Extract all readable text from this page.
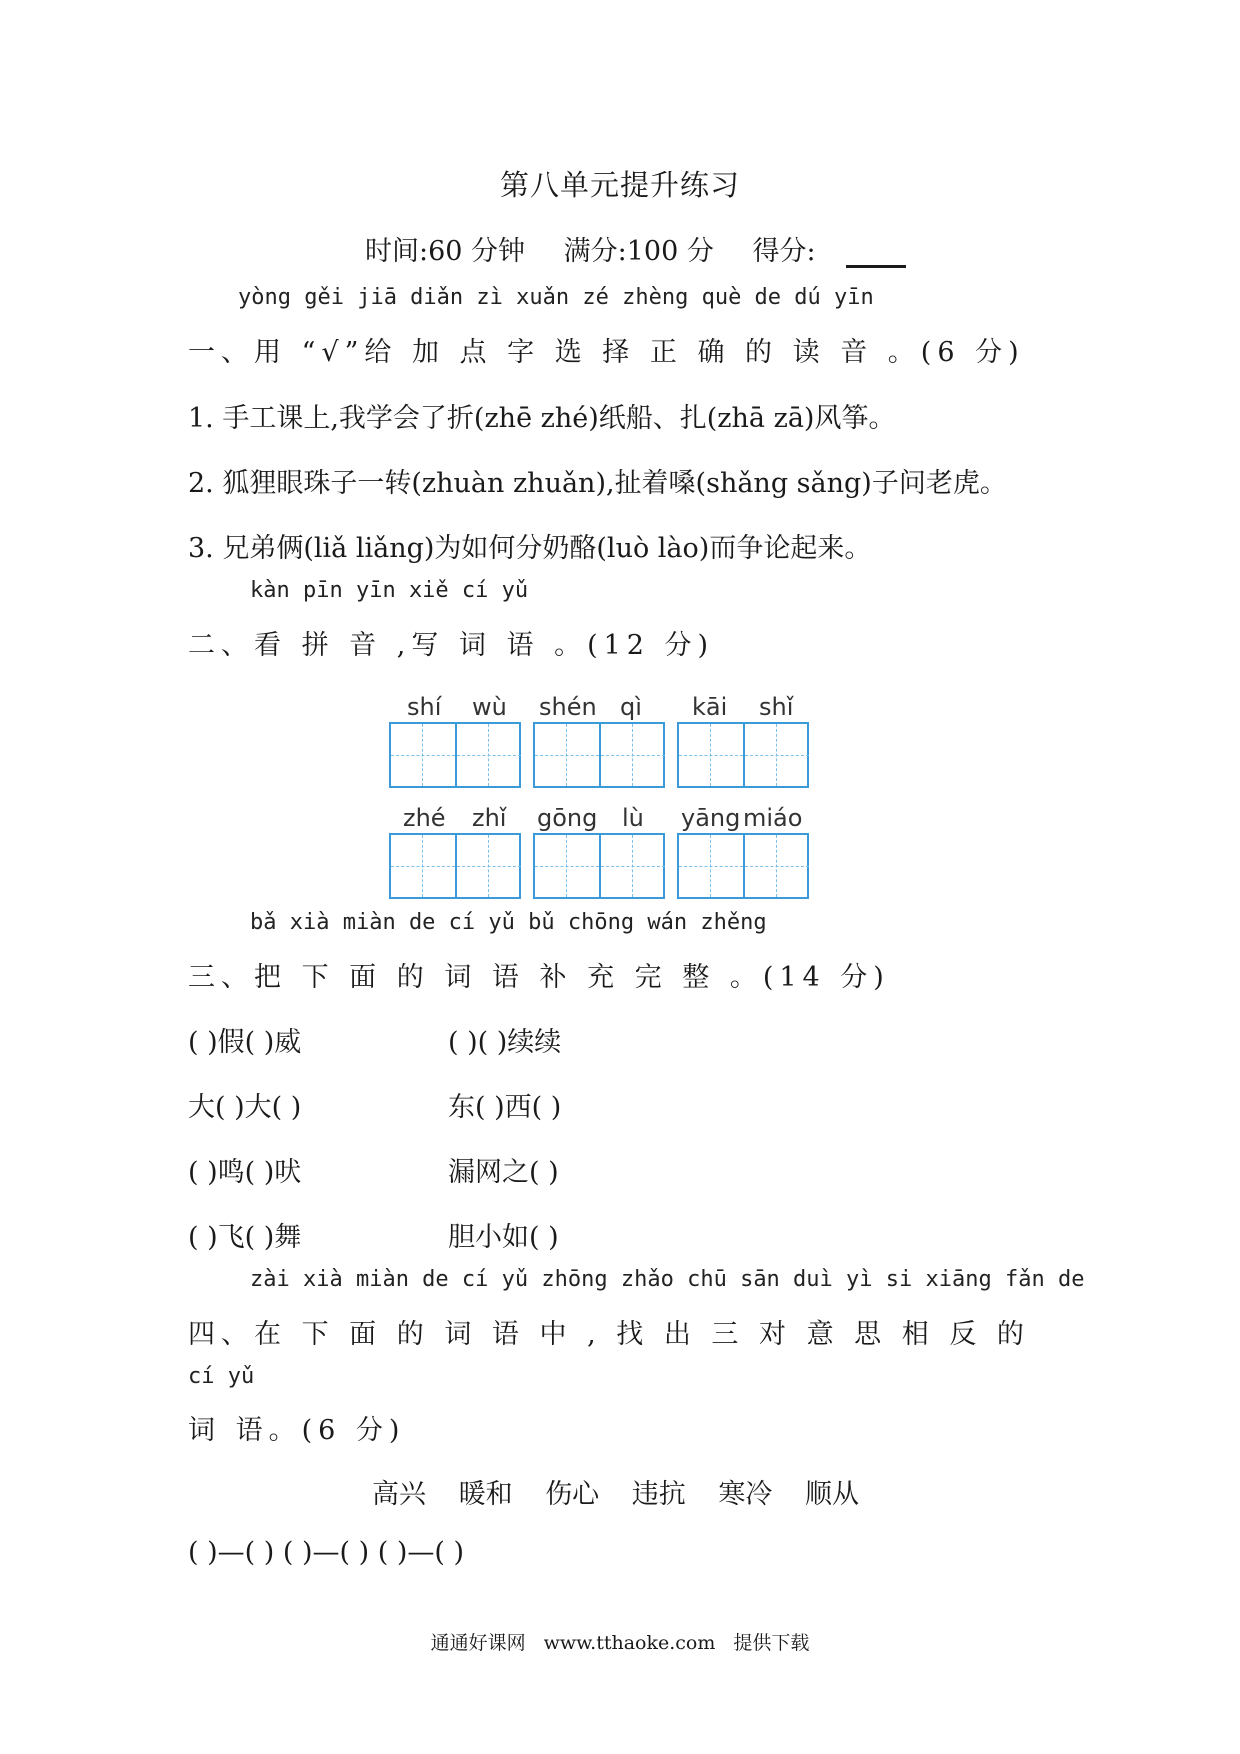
第八单元提升练习
时间:60 分钟 满分:100 分 得分:
yòng gěi jiā diǎn zì xuǎn zé zhèng què de dú yīn
一、用 “√”给 加 点 字 选 择 正 确 的 读 音 。(6 分)
1. 手工课上,我学会了折(zhē zhé)纸船、扎(zhā zā)风筝。
2. 狐狸眼珠子一转(zhuàn zhuǎn),扯着嗓(shǎng sǎng)子问老虎。
3. 兄弟俩(liǎ liǎng)为如何分奶酪(luò lào)而争论起来。
kàn pīn yīn xiě cí yǔ
二、看 拼 音 ,写 词 语 。(12 分)
shí wù shén qì kāi shǐ
zhé zhǐ gōng lù yāng miáo
bǎ xià miàn de cí yǔ bǔ chōng wán zhěng
三、把 下 面 的 词 语 补 充 完 整 。(14 分)
( )假( )威	( )( )续续
大( )大( )	东( )西( )
( )鸣( )吠	漏网之( )
( )飞( )舞	胆小如( )
zài xià miàn de cí yǔ zhōng zhǎo chū sān duì yì si xiāng fǎn de
四、在 下 面 的 词 语 中 , 找 出 三 对 意 思 相 反 的
cí yǔ
词 语。(6 分)
高兴 暖和 伤心 违抗 寒冷 顺从
( )—( ) ( )—( ) ( )—( )
通通好课网 www.tthaoke.com 提供下载
